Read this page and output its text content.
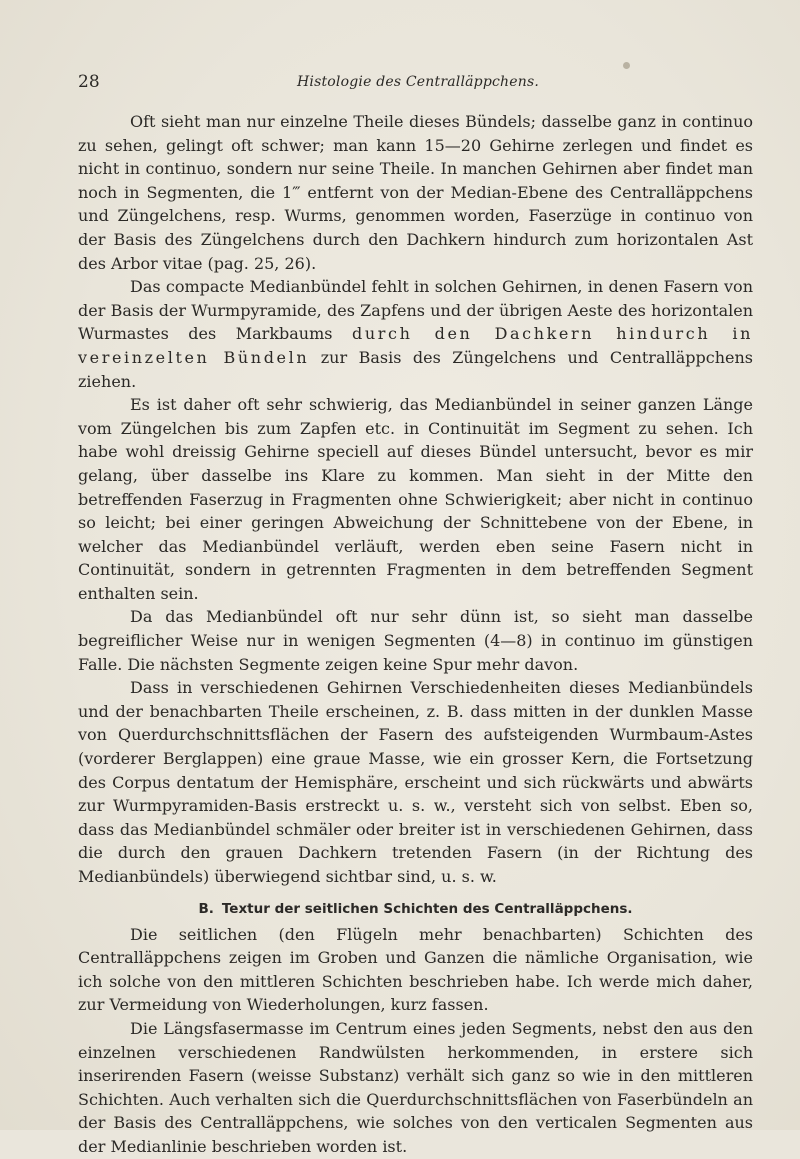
28	Histologie des Centralläppchens.

Oft sieht man nur einzelne Theile dieses Bündels; dasselbe ganz in continuo zu sehen, gelingt oft schwer; man kann 15—20 Gehirne zerlegen und findet es nicht in continuo, sondern nur seine Theile. In manchen Gehirnen aber findet man noch in Segmenten, die 1‴ entfernt von der Median-Ebene des Centralläppchens und Züngelchens, resp. Wurms, genommen worden, Faserzüge in continuo von der Basis des Züngelchens durch den Dachkern hindurch zum horizontalen Ast des Arbor vitae (pag. 25, 26).

Das compacte Medianbündel fehlt in solchen Gehirnen, in denen Fasern von der Basis der Wurmpyramide, des Zapfens und der übrigen Aeste des horizontalen Wurmastes des Markbaums durch den Dachkern hindurch in vereinzelten Bündeln zur Basis des Züngelchens und Centralläppchens ziehen.

Es ist daher oft sehr schwierig, das Medianbündel in seiner ganzen Länge vom Züngelchen bis zum Zapfen etc. in Continuität im Segment zu sehen. Ich habe wohl dreissig Gehirne speciell auf dieses Bündel untersucht, bevor es mir gelang, über dasselbe ins Klare zu kommen. Man sieht in der Mitte den betreffenden Faserzug in Fragmenten ohne Schwierigkeit; aber nicht in continuo so leicht; bei einer geringen Abweichung der Schnittebene von der Ebene, in welcher das Medianbündel verläuft, werden eben seine Fasern nicht in Continuität, sondern in getrennten Fragmenten in dem betreffenden Segment enthalten sein.

Da das Medianbündel oft nur sehr dünn ist, so sieht man dasselbe begreiflicher Weise nur in wenigen Segmenten (4—8) in continuo im günstigen Falle. Die nächsten Segmente zeigen keine Spur mehr davon.

Dass in verschiedenen Gehirnen Verschiedenheiten dieses Medianbündels und der benachbarten Theile erscheinen, z. B. dass mitten in der dunklen Masse von Querdurchschnittsflächen der Fasern des aufsteigenden Wurmbaum-Astes (vorderer Berglappen) eine graue Masse, wie ein grosser Kern, die Fortsetzung des Corpus dentatum der Hemisphäre, erscheint und sich rückwärts und abwärts zur Wurmpyramiden-Basis erstreckt u. s. w., versteht sich von selbst. Eben so, dass das Medianbündel schmäler oder breiter ist in verschiedenen Gehirnen, dass die durch den grauen Dachkern tretenden Fasern (in der Richtung des Medianbündels) überwiegend sichtbar sind, u. s. w.

B. Textur der seitlichen Schichten des Centralläppchens.

Die seitlichen (den Flügeln mehr benachbarten) Schichten des Centralläppchens zeigen im Groben und Ganzen die nämliche Organisation, wie ich solche von den mittleren Schichten beschrieben habe. Ich werde mich daher, zur Vermeidung von Wiederholungen, kurz fassen.

Die Längsfasermasse im Centrum eines jeden Segments, nebst den aus den einzelnen verschiedenen Randwülsten herkommenden, in erstere sich inserirenden Fasern (weisse Substanz) verhält sich ganz so wie in den mittleren Schichten. Auch verhalten sich die Querdurchschnittsflächen von Faserbündeln an der Basis des Centralläppchens, wie solches von den verticalen Segmenten aus der Medianlinie beschrieben worden ist.
